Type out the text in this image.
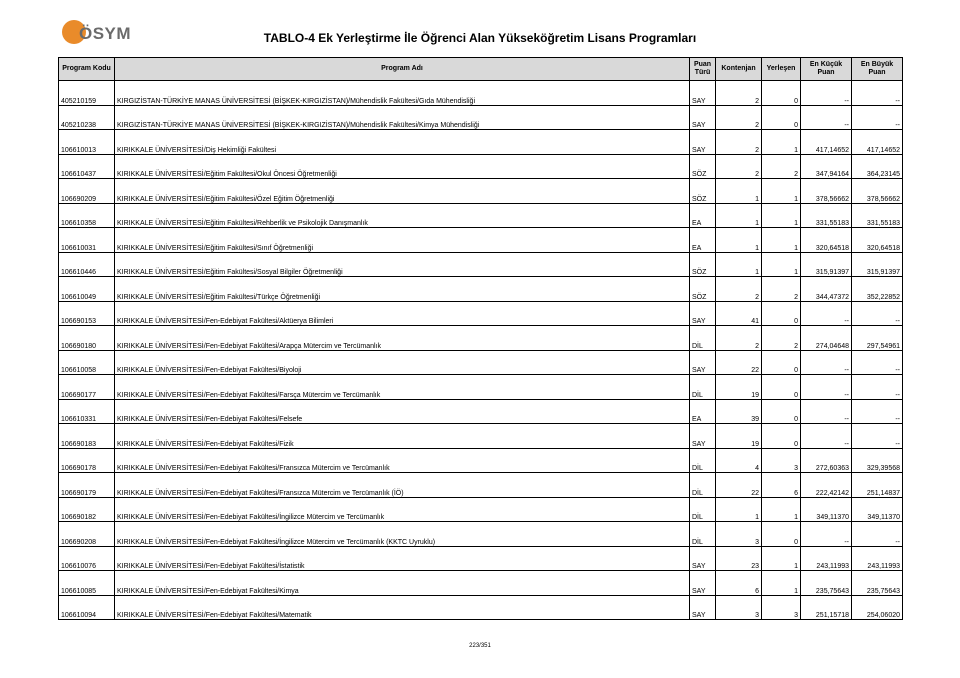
ÖSYM	TABLO-4 Ek Yerleştirme İle Öğrenci Alan Yükseköğretim Lisans Programları
Program Kodu	Program Adı	Puan Türü	Kontenjan	Yerleşen	En Küçük Puan	En Büyük Puan
405210159	KIRGIZİSTAN-TÜRKİYE MANAS ÜNİVERSİTESİ (BİŞKEK-KIRGIZİSTAN)/Mühendislik Fakültesi/Gıda Mühendisliği	SAY	2	0	--	--
405210238	KIRGIZİSTAN-TÜRKİYE MANAS ÜNİVERSİTESİ (BİŞKEK-KIRGIZİSTAN)/Mühendislik Fakültesi/Kimya Mühendisliği	SAY	2	0	--	--
106610013	KIRIKKALE ÜNİVERSİTESİ/Diş Hekimliği Fakültesi	SAY	2	1	417,14652	417,14652
106610437	KIRIKKALE ÜNİVERSİTESİ/Eğitim Fakültesi/Okul Öncesi Öğretmenliği	SÖZ	2	2	347,94164	364,23145
106690209	KIRIKKALE ÜNİVERSİTESİ/Eğitim Fakültesi/Özel Eğitim Öğretmenliği	SÖZ	1	1	378,56662	378,56662
106610358	KIRIKKALE ÜNİVERSİTESİ/Eğitim Fakültesi/Rehberlik ve Psikolojik Danışmanlık	EA	1	1	331,55183	331,55183
106610031	KIRIKKALE ÜNİVERSİTESİ/Eğitim Fakültesi/Sınıf Öğretmenliği	EA	1	1	320,64518	320,64518
106610446	KIRIKKALE ÜNİVERSİTESİ/Eğitim Fakültesi/Sosyal Bilgiler Öğretmenliği	SÖZ	1	1	315,91397	315,91397
106610049	KIRIKKALE ÜNİVERSİTESİ/Eğitim Fakültesi/Türkçe Öğretmenliği	SÖZ	2	2	344,47372	352,22852
106690153	KIRIKKALE ÜNİVERSİTESİ/Fen-Edebiyat Fakültesi/Aktüerya Bilimleri	SAY	41	0	--	--
106690180	KIRIKKALE ÜNİVERSİTESİ/Fen-Edebiyat Fakültesi/Arapça Mütercim ve Tercümanlık	DİL	2	2	274,04648	297,54961
106610058	KIRIKKALE ÜNİVERSİTESİ/Fen-Edebiyat Fakültesi/Biyoloji	SAY	22	0	--	--
106690177	KIRIKKALE ÜNİVERSİTESİ/Fen-Edebiyat Fakültesi/Farsça Mütercim ve Tercümanlık	DİL	19	0	--	--
106610331	KIRIKKALE ÜNİVERSİTESİ/Fen-Edebiyat Fakültesi/Felsefe	EA	39	0	--	--
106690183	KIRIKKALE ÜNİVERSİTESİ/Fen-Edebiyat Fakültesi/Fizik	SAY	19	0	--	--
106690178	KIRIKKALE ÜNİVERSİTESİ/Fen-Edebiyat Fakültesi/Fransızca Mütercim ve Tercümanlık	DİL	4	3	272,60363	329,39568
106690179	KIRIKKALE ÜNİVERSİTESİ/Fen-Edebiyat Fakültesi/Fransızca Mütercim ve Tercümanlık (İÖ)	DİL	22	6	222,42142	251,14837
106690182	KIRIKKALE ÜNİVERSİTESİ/Fen-Edebiyat Fakültesi/İngilizce Mütercim ve Tercümanlık	DİL	1	1	349,11370	349,11370
106690208	KIRIKKALE ÜNİVERSİTESİ/Fen-Edebiyat Fakültesi/İngilizce Mütercim ve Tercümanlık (KKTC Uyruklu)	DİL	3	0	--	--
106610076	KIRIKKALE ÜNİVERSİTESİ/Fen-Edebiyat Fakültesi/İstatistik	SAY	23	1	243,11993	243,11993
106610085	KIRIKKALE ÜNİVERSİTESİ/Fen-Edebiyat Fakültesi/Kimya	SAY	6	1	235,75643	235,75643
106610094	KIRIKKALE ÜNİVERSİTESİ/Fen-Edebiyat Fakültesi/Matematik	SAY	3	3	251,15718	254,06020
223/351
